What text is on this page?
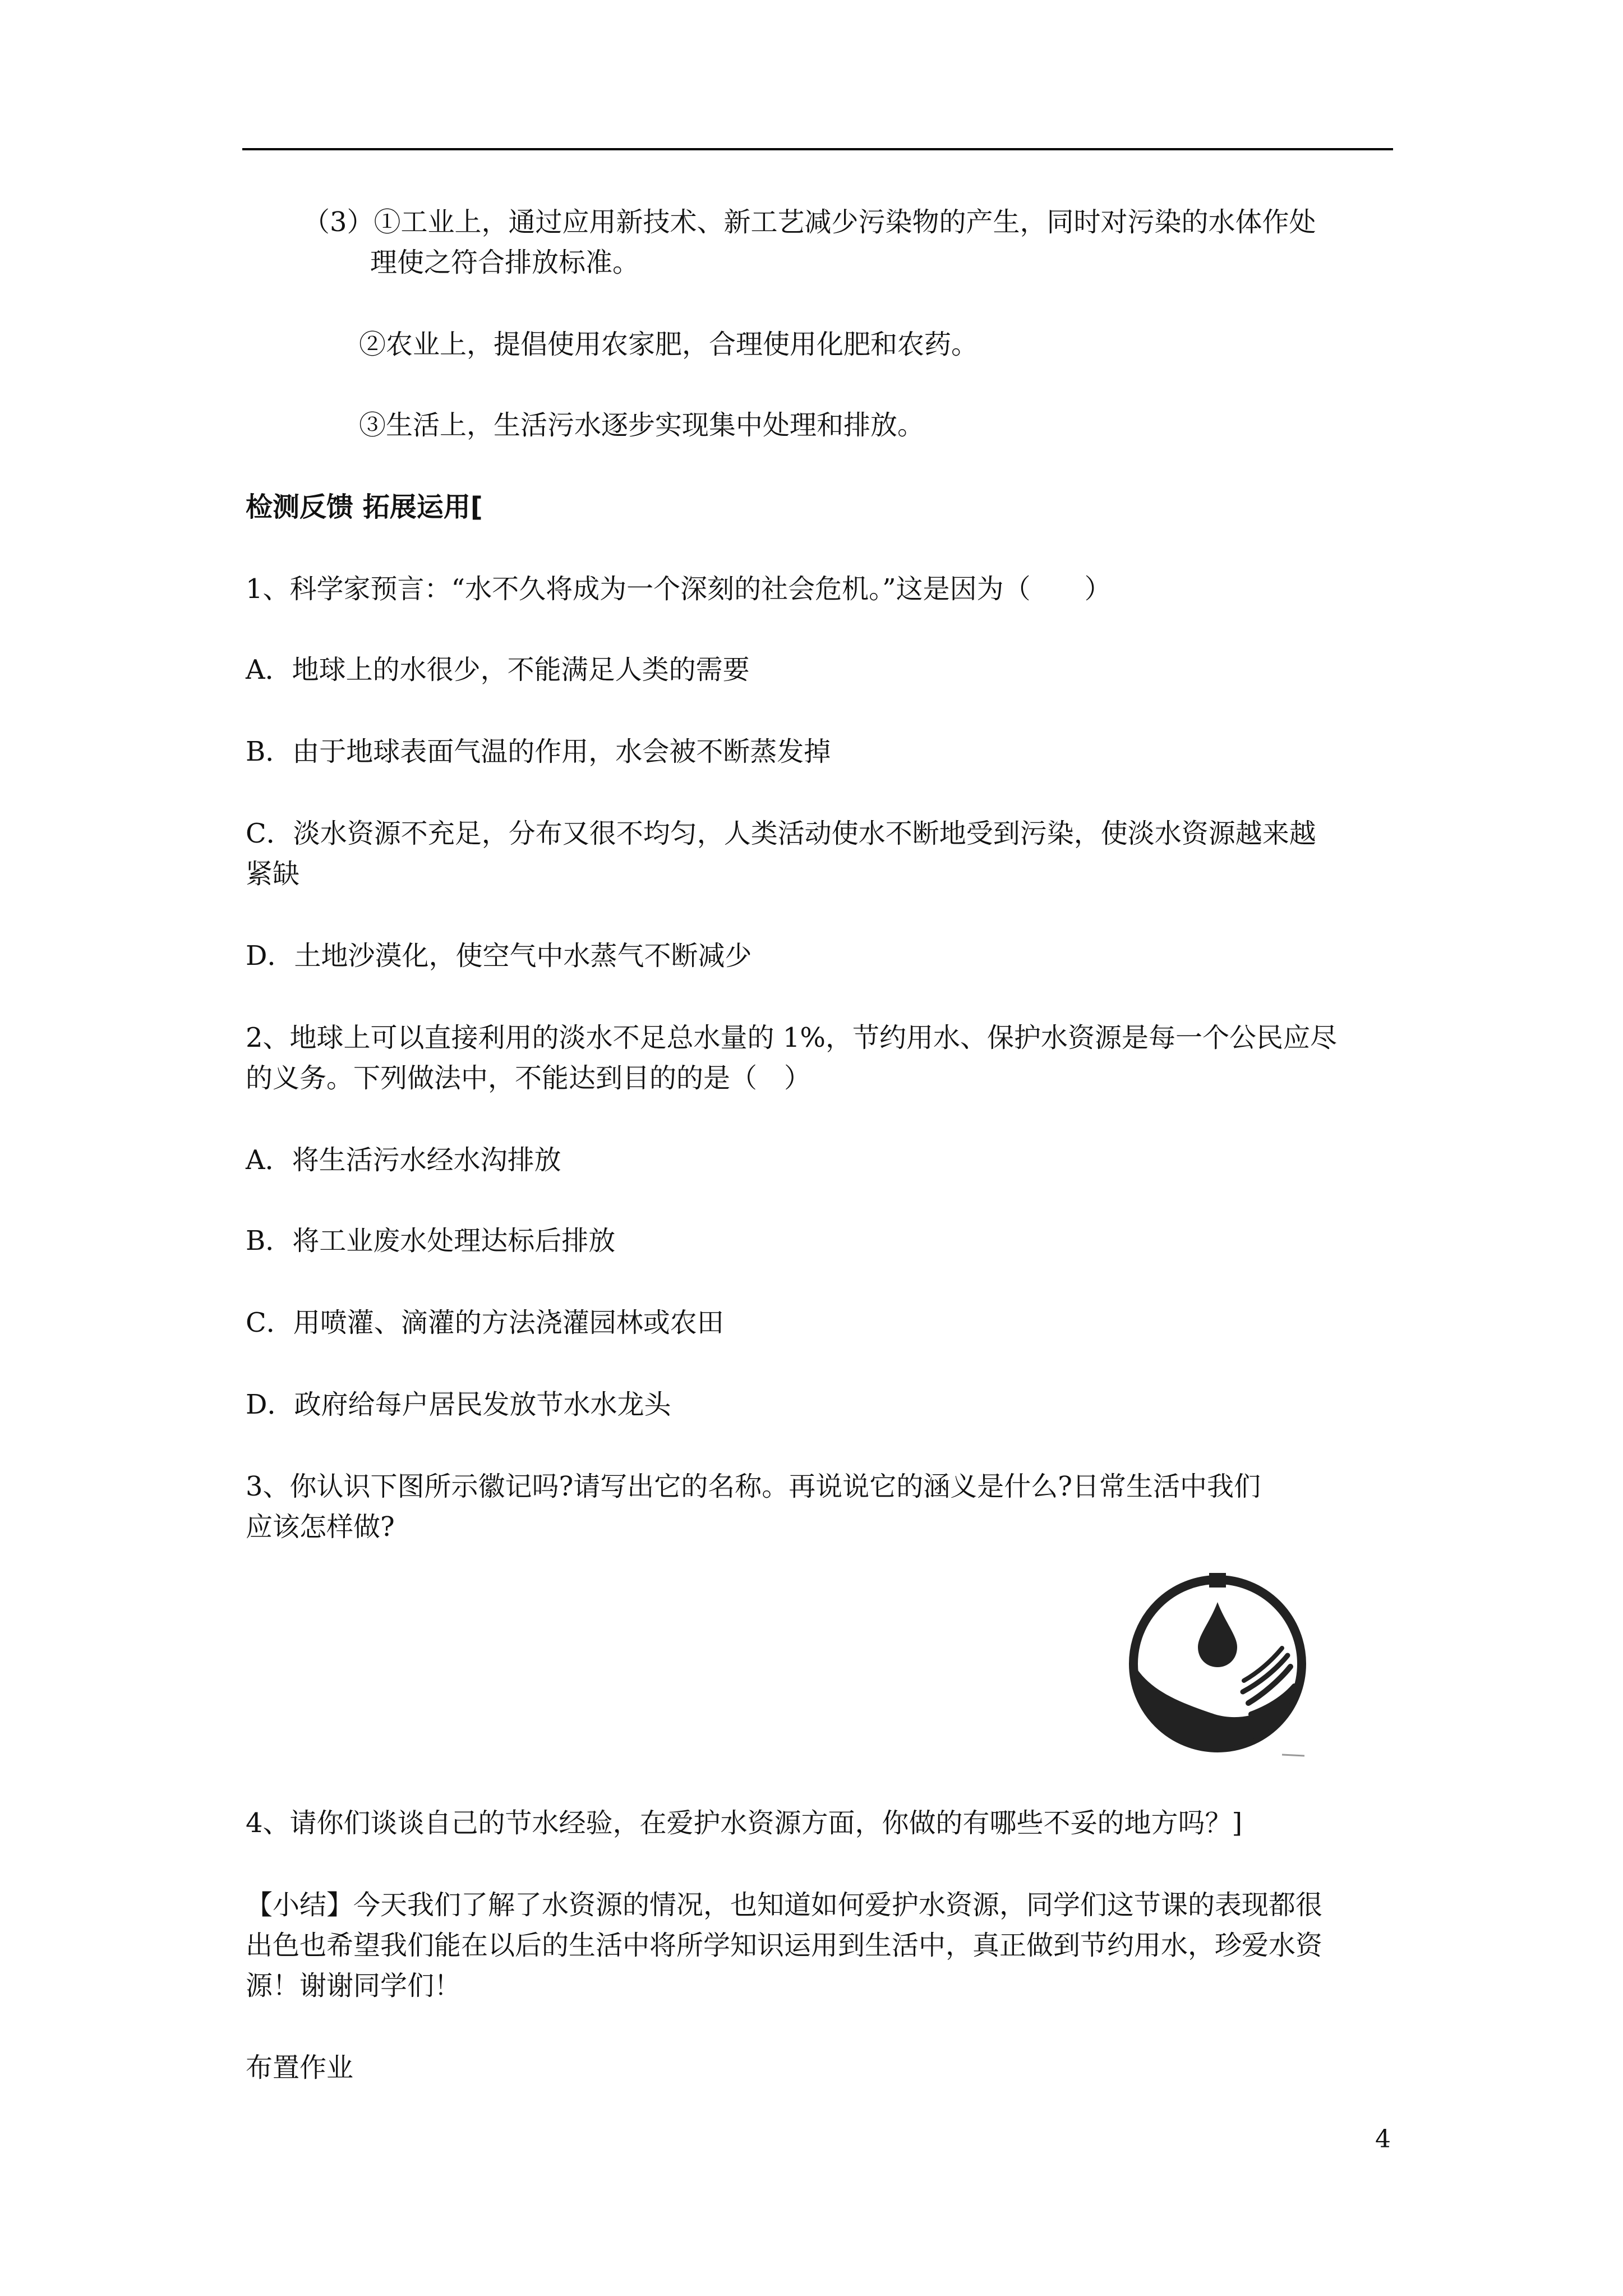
（3）①工业上，通过应用新技术、新工艺减少污染物的产生，同时对污染的水体作处
理使之符合排放标准。
②农业上，提倡使用农家肥，合理使用化肥和农药。
③生活上，生活污水逐步实现集中处理和排放。
检测反馈 拓展运用[
1、科学家预言：“水不久将成为一个深刻的社会危机。”这是因为（　　）
A．地球上的水很少，不能满足人类的需要
B．由于地球表面气温的作用，水会被不断蒸发掉
C．淡水资源不充足，分布又很不均匀，人类活动使水不断地受到污染，使淡水资源越来越
紧缺
D．土地沙漠化，使空气中水蒸气不断减少
2、地球上可以直接利用的淡水不足总水量的 1%，节约用水、保护水资源是每一个公民应尽
的义务。下列做法中，不能达到目的的是（　）
A．将生活污水经水沟排放
B．将工业废水处理达标后排放
C．用喷灌、滴灌的方法浇灌园林或农田
D．政府给每户居民发放节水水龙头
3、你认识下图所示徽记吗?请写出它的名称。再说说它的涵义是什么?日常生活中我们
应该怎样做?
4、请你们谈谈自己的节水经验，在爱护水资源方面，你做的有哪些不妥的地方吗？]
【小结】今天我们了解了水资源的情况，也知道如何爱护水资源，同学们这节课的表现都很
出色也希望我们能在以后的生活中将所学知识运用到生活中，真正做到节约用水，珍爱水资
源！谢谢同学们！
布置作业
4
